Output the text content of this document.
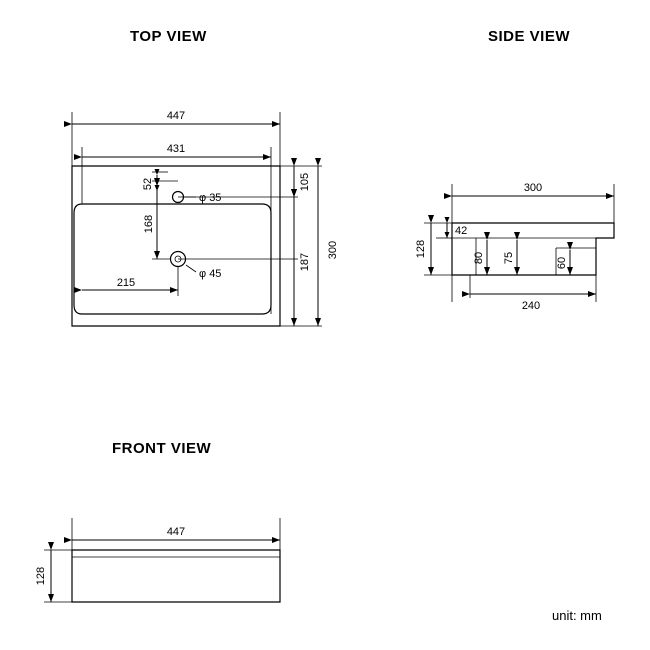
TOP VIEW	SIDE VIEW
FRONT VIEW
unit: mm
447
431
300
105
187
168
52
215
φ 35
φ 45
300
240
128
42
80 75	60
447
128
